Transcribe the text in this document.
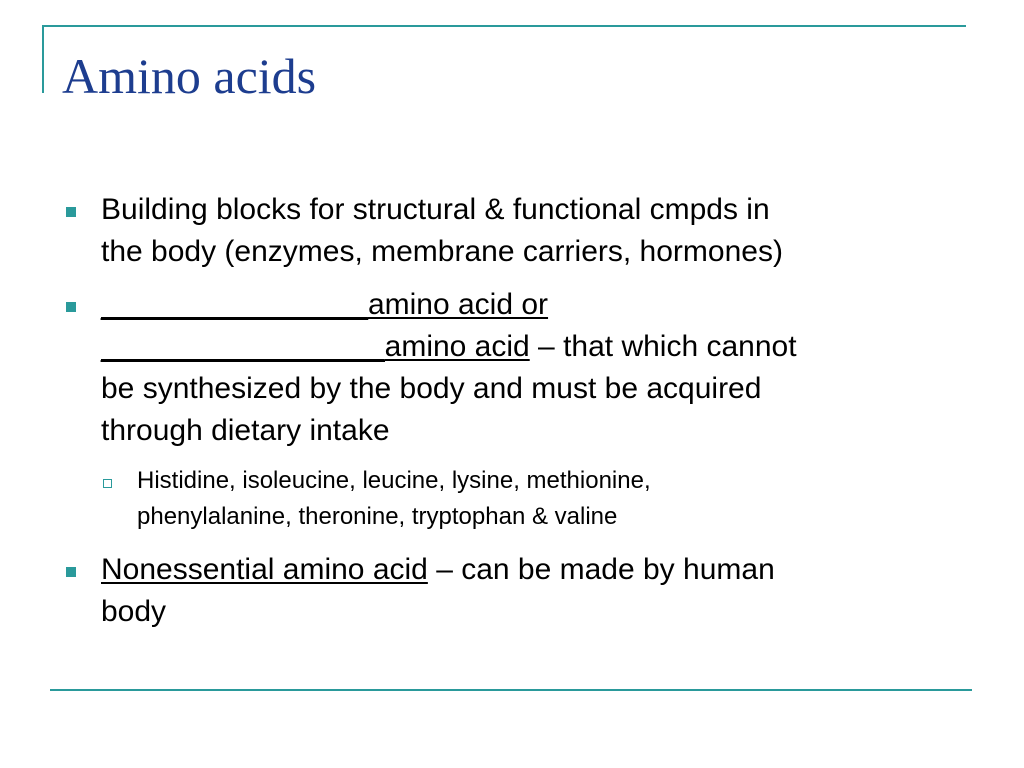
Amino acids
Building blocks for structural & functional cmpds in
the body (enzymes, membrane carriers, hormones)
________________amino acid or
_________________amino acid – that which cannot
be synthesized by the body and must be acquired
through dietary intake
Histidine, isoleucine, leucine, lysine, methionine,
phenylalanine, theronine, tryptophan & valine
Nonessential amino acid – can be made by human
body
